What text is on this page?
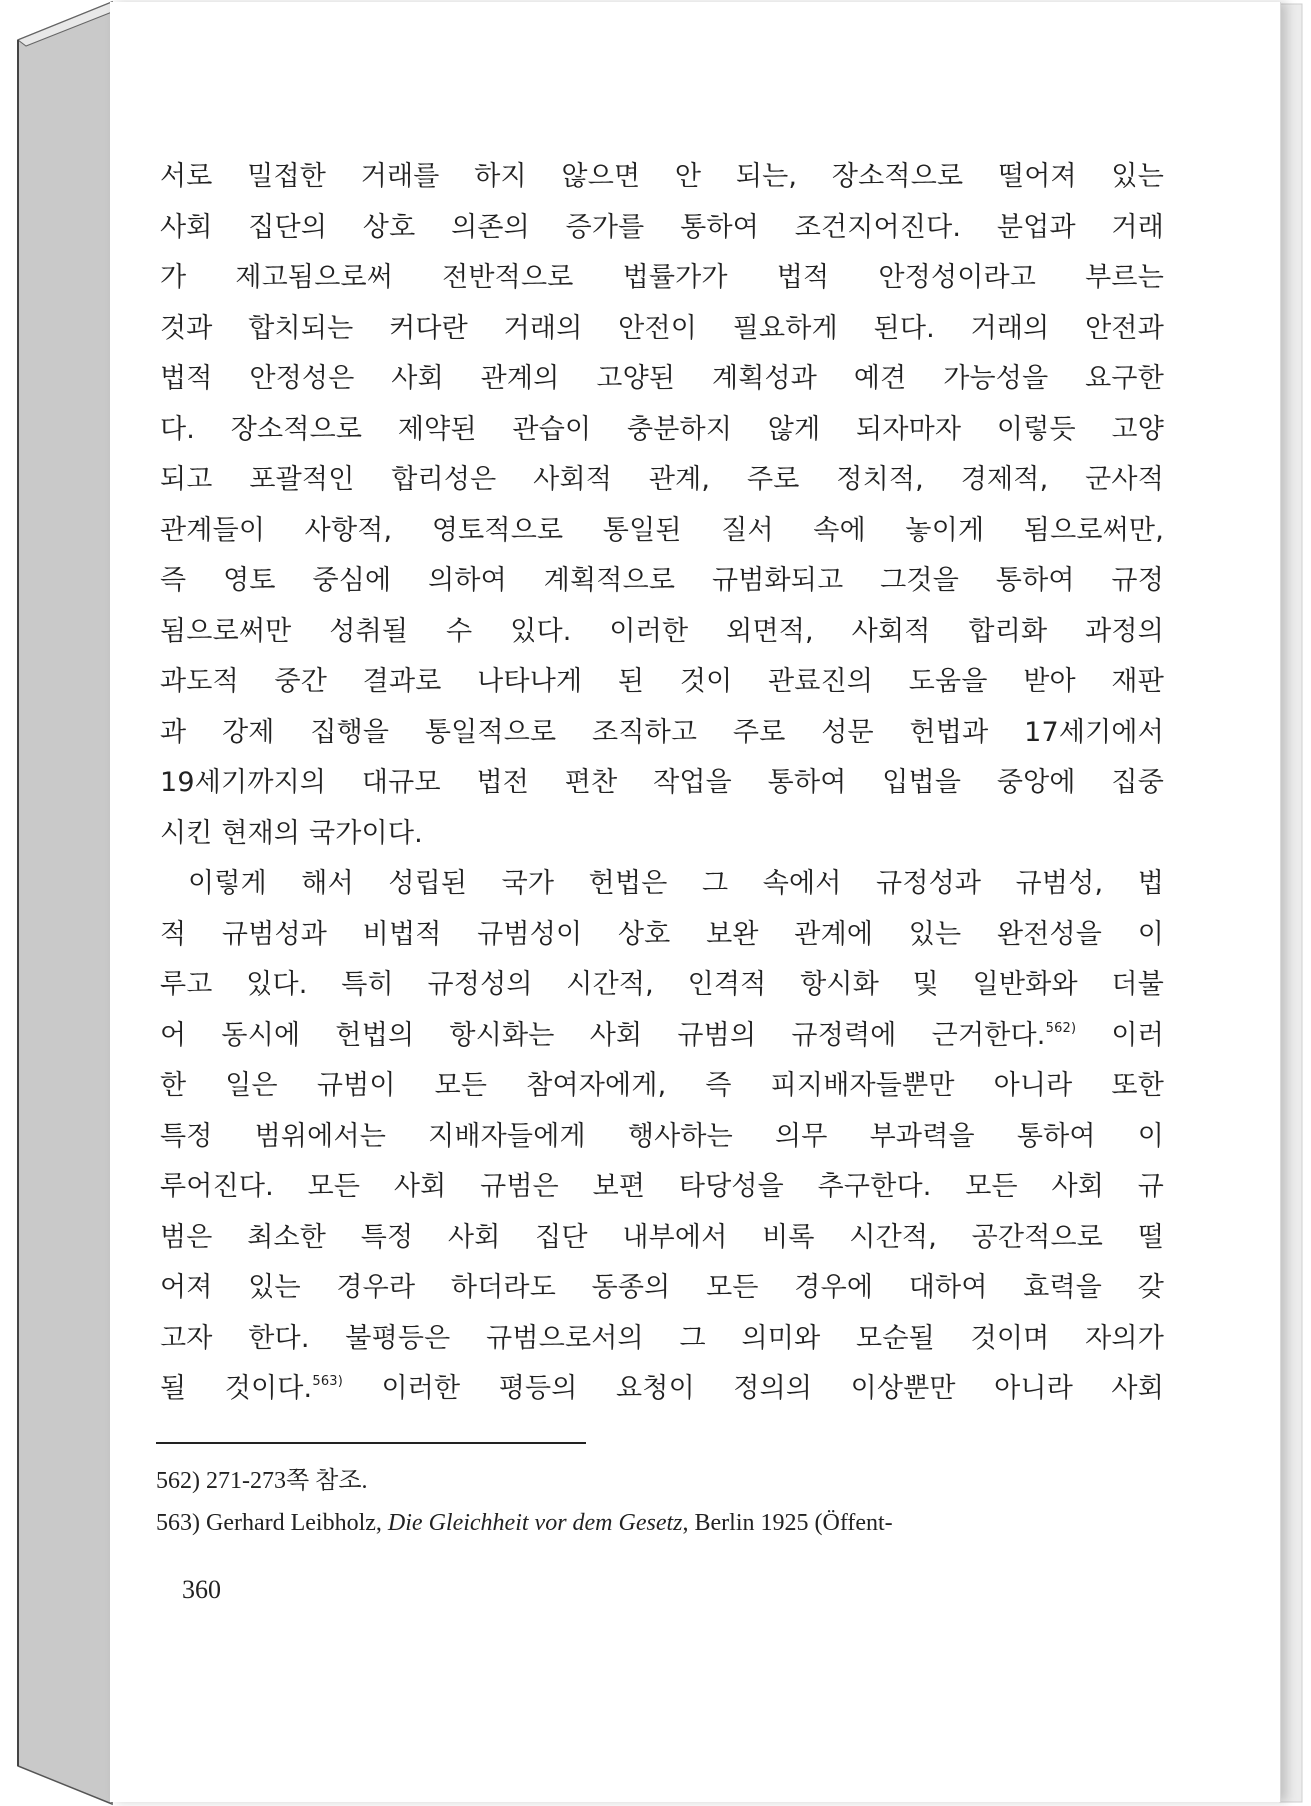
서로 밀접한 거래를 하지 않으면 안 되는, 장소적으로 떨어져 있는
사회 집단의 상호 의존의 증가를 통하여 조건지어진다. 분업과 거래
가 제고됨으로써 전반적으로 법률가가 법적 안정성이라고 부르는
것과 합치되는 커다란 거래의 안전이 필요하게 된다. 거래의 안전과
법적 안정성은 사회 관계의 고양된 계획성과 예견 가능성을 요구한
다. 장소적으로 제약된 관습이 충분하지 않게 되자마자 이렇듯 고양
되고 포괄적인 합리성은 사회적 관계, 주로 정치적, 경제적, 군사적
관계들이 사항적, 영토적으로 통일된 질서 속에 놓이게 됨으로써만,
즉 영토 중심에 의하여 계획적으로 규범화되고 그것을 통하여 규정
됨으로써만 성취될 수 있다. 이러한 외면적, 사회적 합리화 과정의
과도적 중간 결과로 나타나게 된 것이 관료진의 도움을 받아 재판
과 강제 집행을 통일적으로 조직하고 주로 성문 헌법과 17세기에서
19세기까지의 대규모 법전 편찬 작업을 통하여 입법을 중앙에 집중
시킨 현재의 국가이다.
이렇게 해서 성립된 국가 헌법은 그 속에서 규정성과 규범성, 법
적 규범성과 비법적 규범성이 상호 보완 관계에 있는 완전성을 이
루고 있다. 특히 규정성의 시간적, 인격적 항시화 및 일반화와 더불
어 동시에 헌법의 항시화는 사회 규범의 규정력에 근거한다.$^{562)}$ 이러
한 일은 규범이 모든 참여자에게, 즉 피지배자들뿐만 아니라 또한
특정 범위에서는 지배자들에게 행사하는 의무 부과력을 통하여 이
루어진다. 모든 사회 규범은 보편 타당성을 추구한다. 모든 사회 규
범은 최소한 특정 사회 집단 내부에서 비록 시간적, 공간적으로 떨
어져 있는 경우라 하더라도 동종의 모든 경우에 대하여 효력을 갖
고자 한다. 불평등은 규범으로서의 그 의미와 모순될 것이며 자의가
될 것이다.$^{563)}$ 이러한 평등의 요청이 정의의 이상뿐만 아니라 사회
562) 271-273쪽 참조.
563) Gerhard Leibholz, Die Gleichheit vor dem Gesetz, Berlin 1925 (Öffent-
360
